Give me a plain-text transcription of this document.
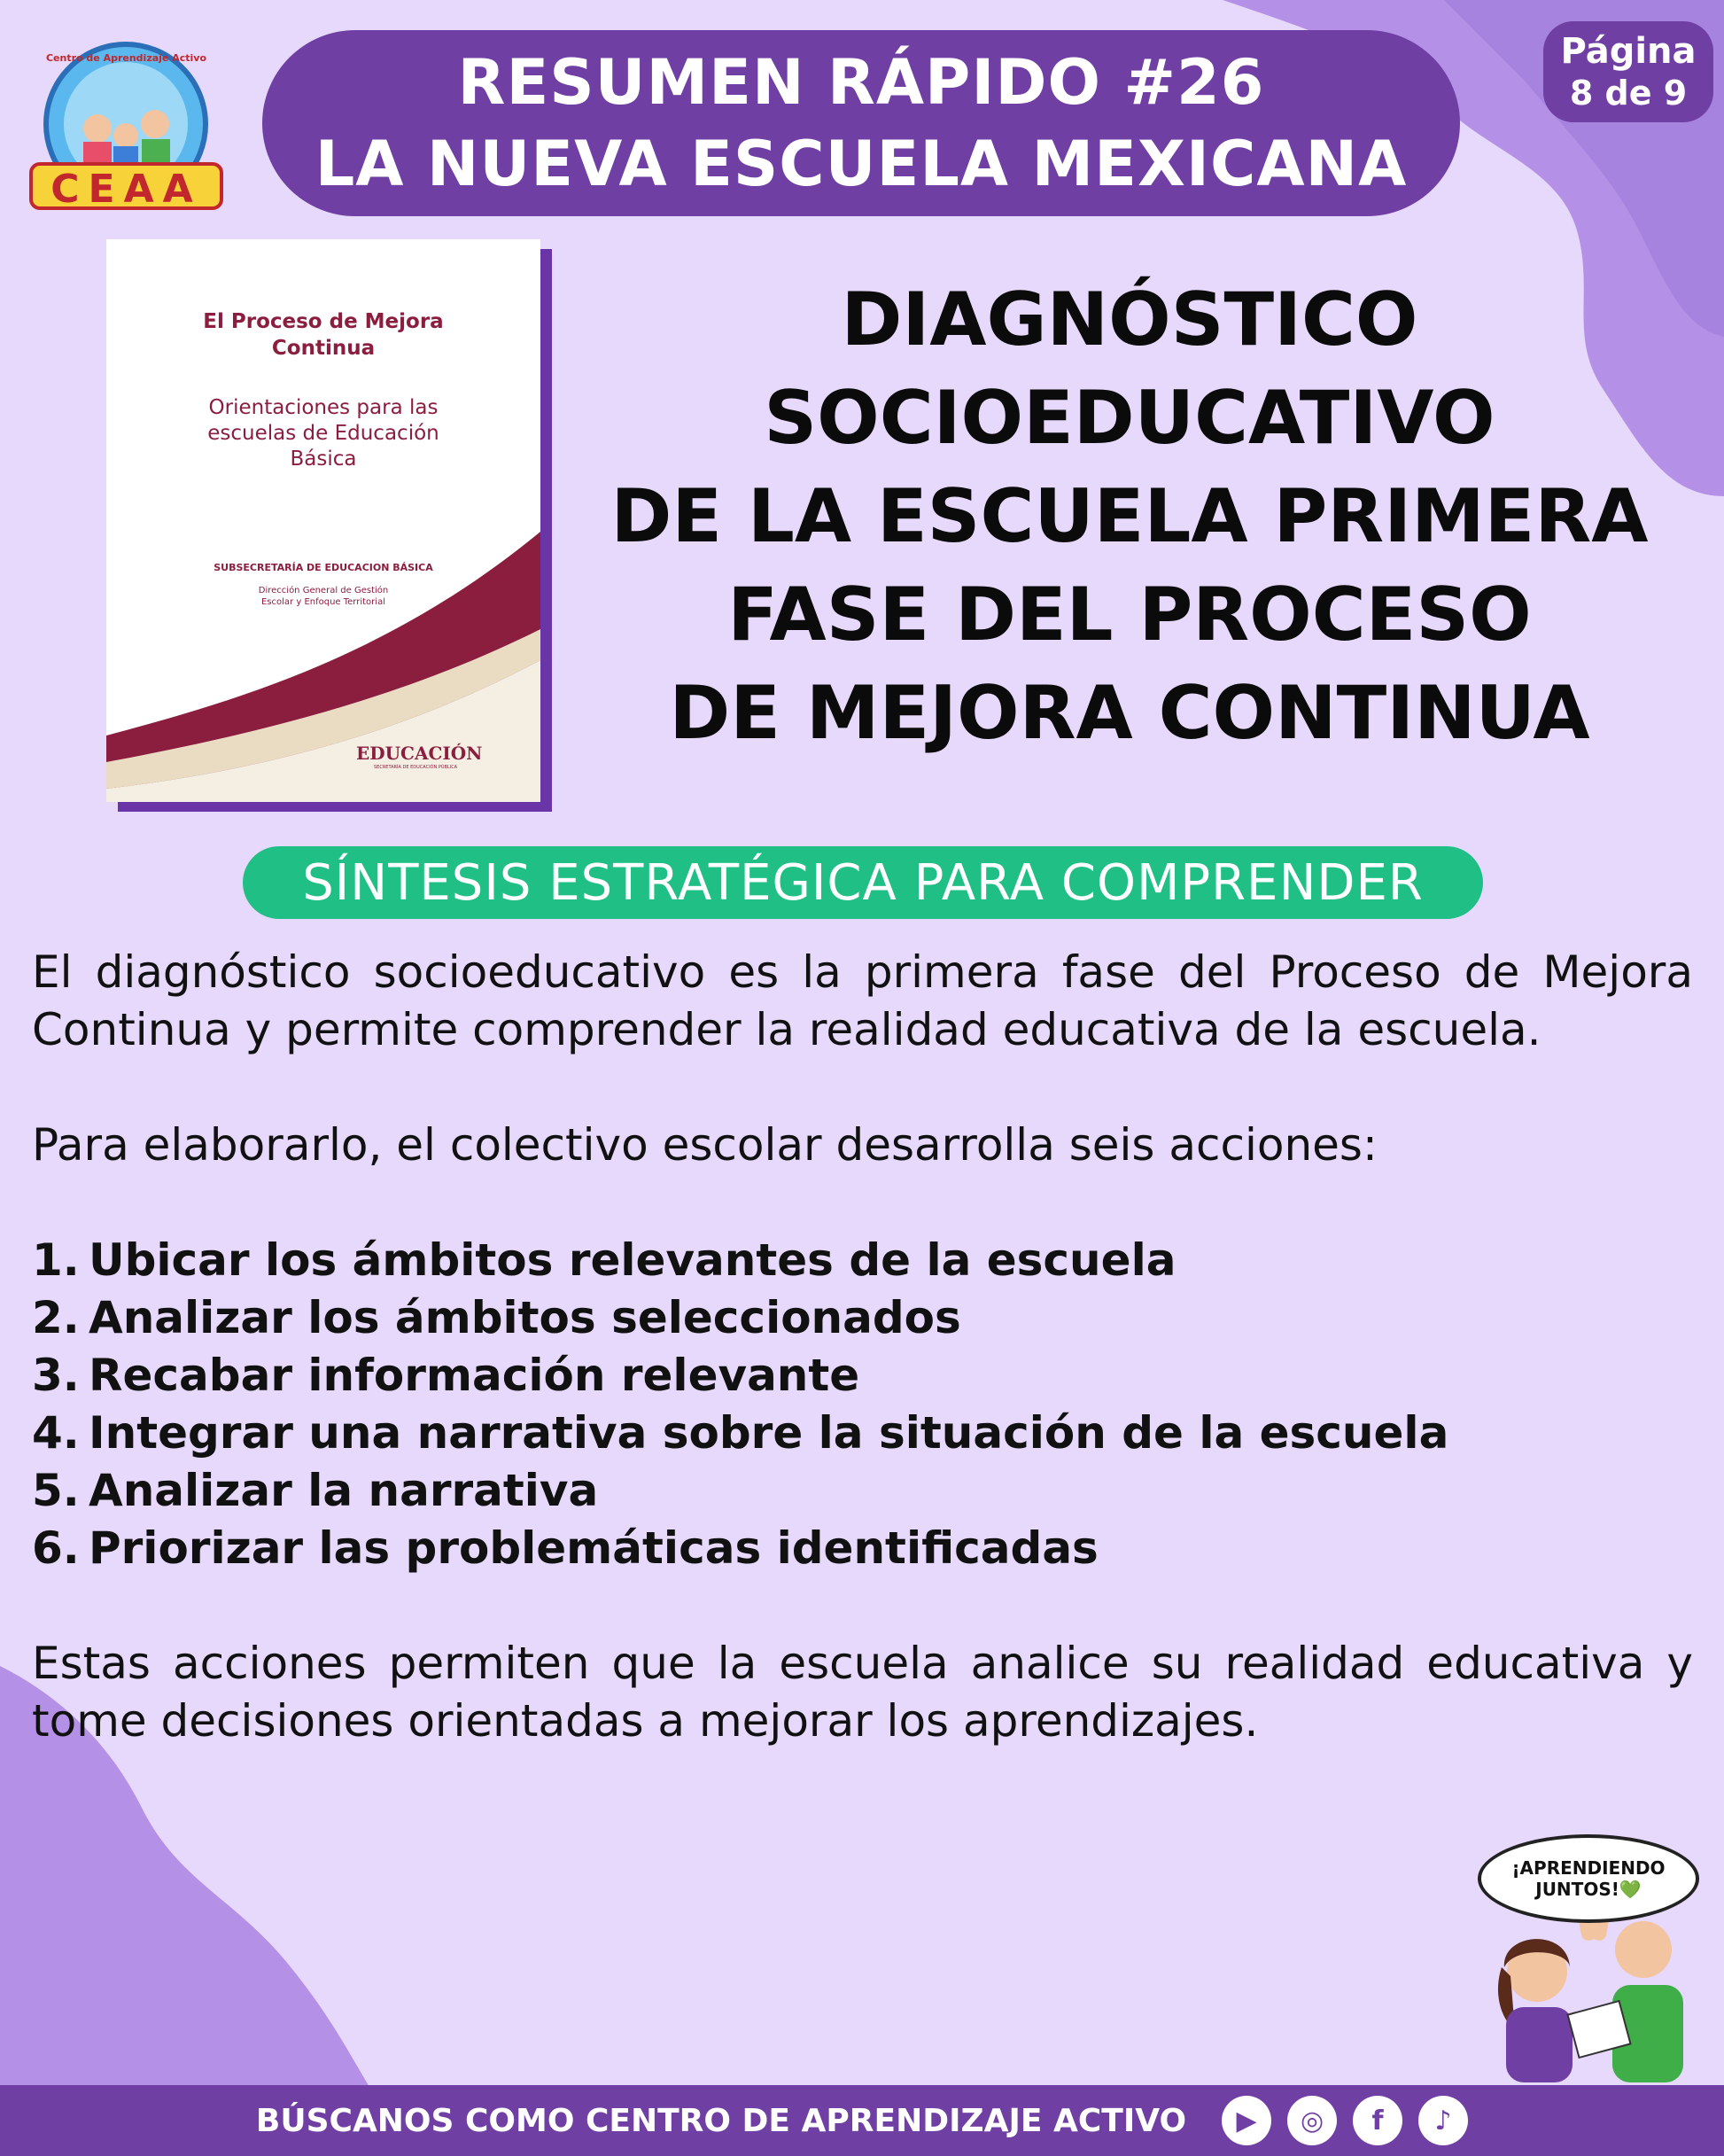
CEAA
Centro de Aprendizaje Activo	RESUMEN RÁPIDO #26
LA NUEVA ESCUELA MEXICANA
Página
8 de 9
El Proceso de Mejora Continua
Orientaciones para las escuelas de Educación Básica
SUBSECRETARÍA DE EDUCACION BÁSICA
Dirección General de Gestión Escolar y Enfoque Territorial
EDUCACIÓN
SECRETARÍA DE EDUCACIÓN PÚBLICA
DIAGNÓSTICO
SOCIOEDUCATIVO
DE LA ESCUELA PRIMERA
FASE DEL PROCESO
DE MEJORA CONTINUA
SÍNTESIS ESTRATÉGICA PARA COMPRENDER

El diagnóstico socioeducativo es la primera fase del Proceso de Mejora Continua y permite comprender la realidad educativa de la escuela.

Para elaborarlo, el colectivo escolar desarrolla seis acciones:

1. Ubicar los ámbitos relevantes de la escuela
2. Analizar los ámbitos seleccionados
3. Recabar información relevante
4. Integrar una narrativa sobre la situación de la escuela
5. Analizar la narrativa
6. Priorizar las problemáticas identificadas

Estas acciones permiten que la escuela analice su realidad educativa y tome decisiones orientadas a mejorar los aprendizajes.

¡APRENDIENDO
JUNTOS!💚
BÚSCANOS COMO CENTRO DE APRENDIZAJE ACTIVO	▶	◎	f	♪
